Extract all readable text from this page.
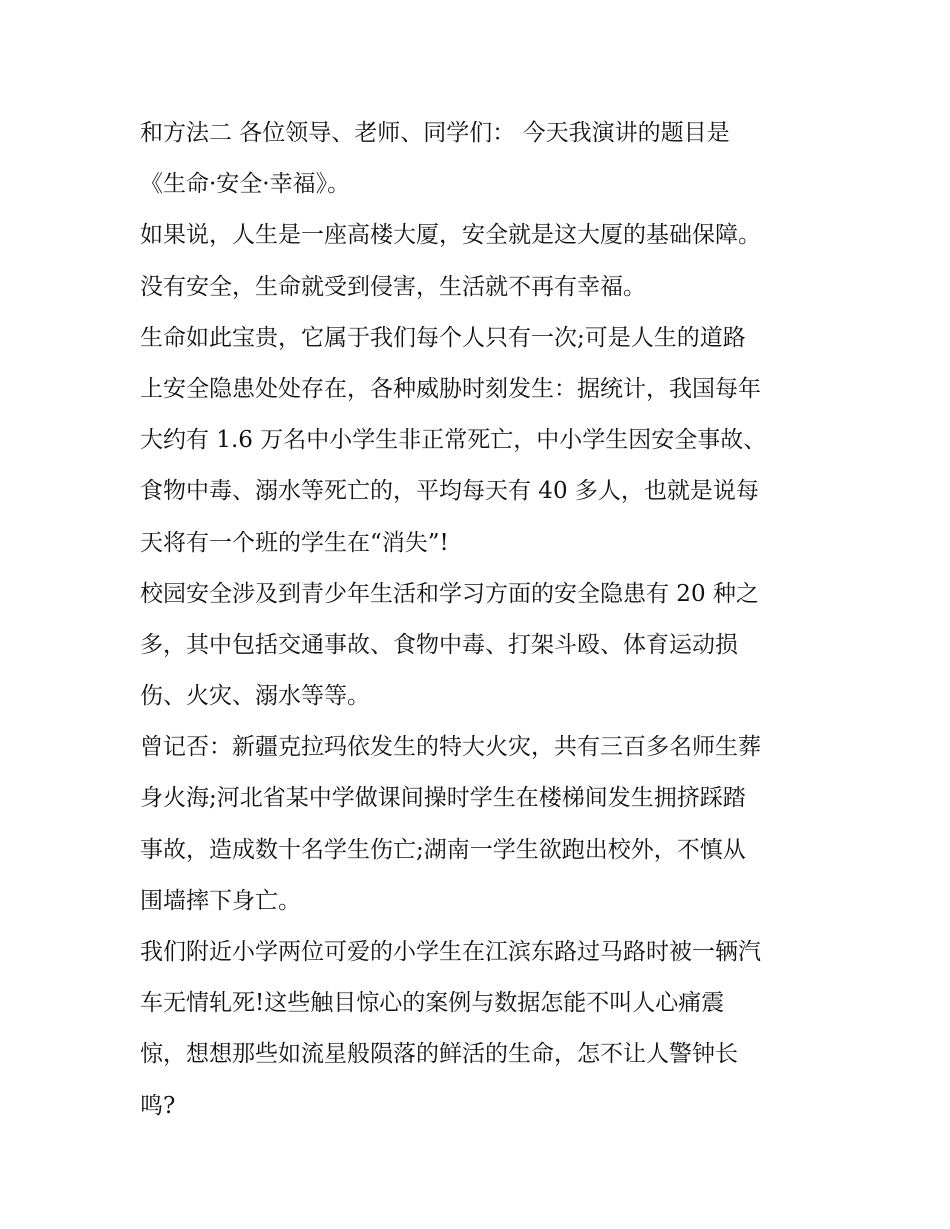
和方法二 各位领导、老师、同学们： 今天我演讲的题目是
《生命·安全·幸福》。
如果说，人生是一座高楼大厦，安全就是这大厦的基础保障。
没有安全，生命就受到侵害，生活就不再有幸福。
生命如此宝贵，它属于我们每个人只有一次;可是人生的道路
上安全隐患处处存在，各种威胁时刻发生：据统计，我国每年
大约有 1.6 万名中小学生非正常死亡，中小学生因安全事故、
食物中毒、溺水等死亡的，平均每天有 40 多人，也就是说每
天将有一个班的学生在“消失”!
校园安全涉及到青少年生活和学习方面的安全隐患有 20 种之
多，其中包括交通事故、食物中毒、打架斗殴、体育运动损
伤、火灾、溺水等等。
曾记否：新疆克拉玛依发生的特大火灾，共有三百多名师生葬
身火海;河北省某中学做课间操时学生在楼梯间发生拥挤踩踏
事故，造成数十名学生伤亡;湖南一学生欲跑出校外，不慎从
围墙摔下身亡。
我们附近小学两位可爱的小学生在江滨东路过马路时被一辆汽
车无情轧死!这些触目惊心的案例与数据怎能不叫人心痛震
惊，想想那些如流星般陨落的鲜活的生命，怎不让人警钟长
鸣?
